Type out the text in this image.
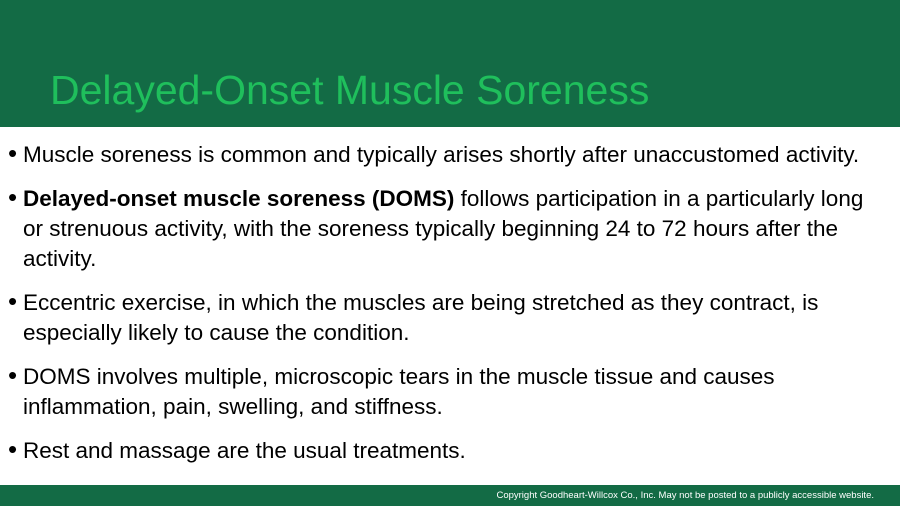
Delayed-Onset Muscle Soreness
• Muscle soreness is common and typically arises shortly after unaccustomed activity.
• Delayed-onset muscle soreness (DOMS) follows participation in a particularly long or strenuous activity, with the soreness typically beginning 24 to 72 hours after the activity.
• Eccentric exercise, in which the muscles are being stretched as they contract, is especially likely to cause the condition.
• DOMS involves multiple, microscopic tears in the muscle tissue and causes inflammation, pain, swelling, and stiffness.
• Rest and massage are the usual treatments.
Copyright Goodheart-Willcox Co., Inc. May not be posted to a publicly accessible website.
